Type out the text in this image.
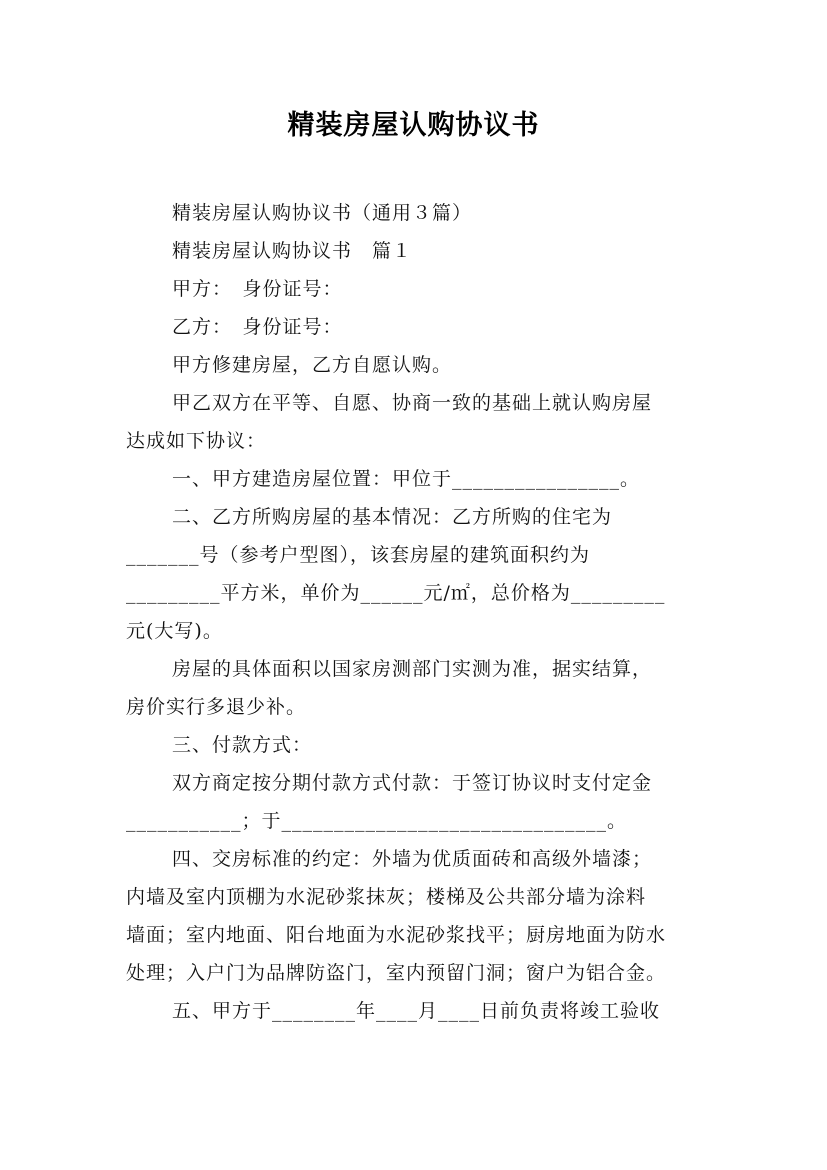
精装房屋认购协议书

精装房屋认购协议书（通用３篇）

精装房屋认购协议书　篇１

甲方：　身份证号：

乙方：　身份证号：

甲方修建房屋，乙方自愿认购。

甲乙双方在平等、自愿、协商一致的基础上就认购房屋

达成如下协议：

一、甲方建造房屋位置：甲位于________________。

二、乙方所购房屋的基本情况：乙方所购的住宅为

_______号（参考户型图），该套房屋的建筑面积约为

_________平方米，单价为______元/㎡，总价格为_________

元(大写)。

房屋的具体面积以国家房测部门实测为准，据实结算，

房价实行多退少补。

三、付款方式：

双方商定按分期付款方式付款：于签订协议时支付定金

___________；于_______________________________。

四、交房标准的约定：外墙为优质面砖和高级外墙漆；

内墙及室内顶棚为水泥砂浆抹灰；楼梯及公共部分墙为涂料

墙面；室内地面、阳台地面为水泥砂浆找平；厨房地面为防水

处理；入户门为品牌防盗门，室内预留门洞；窗户为铝合金。

五、甲方于________年____月____日前负责将竣工验收
